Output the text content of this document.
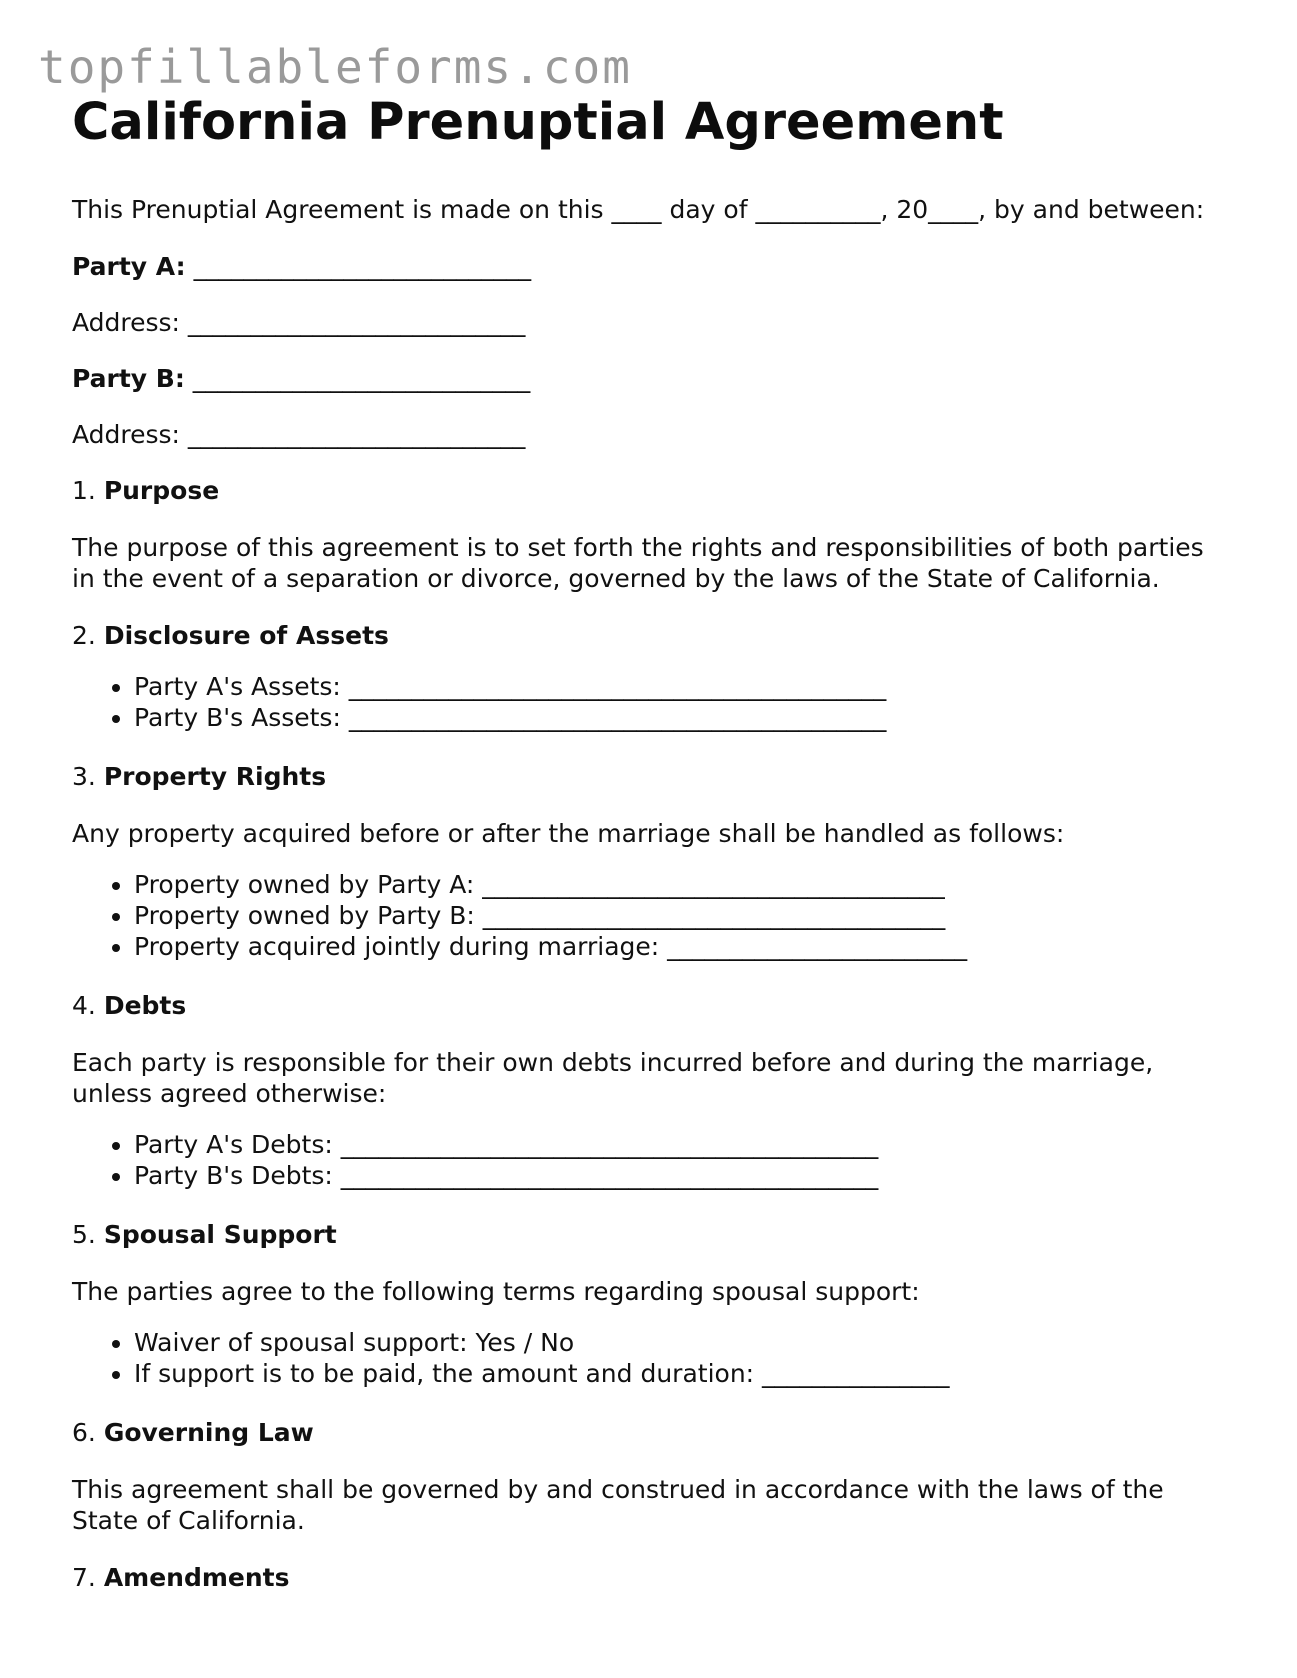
topfillableforms.com
California Prenuptial Agreement

This Prenuptial Agreement is made on this ____ day of __________, 20____, by and between:

Party A: ___________________________
Address: ___________________________
Party B: ___________________________
Address: ___________________________
1. Purpose

The purpose of this agreement is to set forth the rights and responsibilities of both parties in the event of a separation or divorce, governed by the laws of the State of California.

2. Disclosure of Assets
• Party A's Assets: ___________________________________________
• Party B's Assets: ___________________________________________
3. Property Rights

Any property acquired before or after the marriage shall be handled as follows:

• Property owned by Party A: _____________________________________
• Property owned by Party B: _____________________________________
• Property acquired jointly during marriage: ________________________
4. Debts

Each party is responsible for their own debts incurred before and during the marriage, unless agreed otherwise:

• Party A's Debts: ___________________________________________
• Party B's Debts: ___________________________________________
5. Spousal Support

The parties agree to the following terms regarding spousal support:

• Waiver of spousal support: Yes / No
• If support is to be paid, the amount and duration: _______________
6. Governing Law

This agreement shall be governed by and construed in accordance with the laws of the State of California.

7. Amendments
